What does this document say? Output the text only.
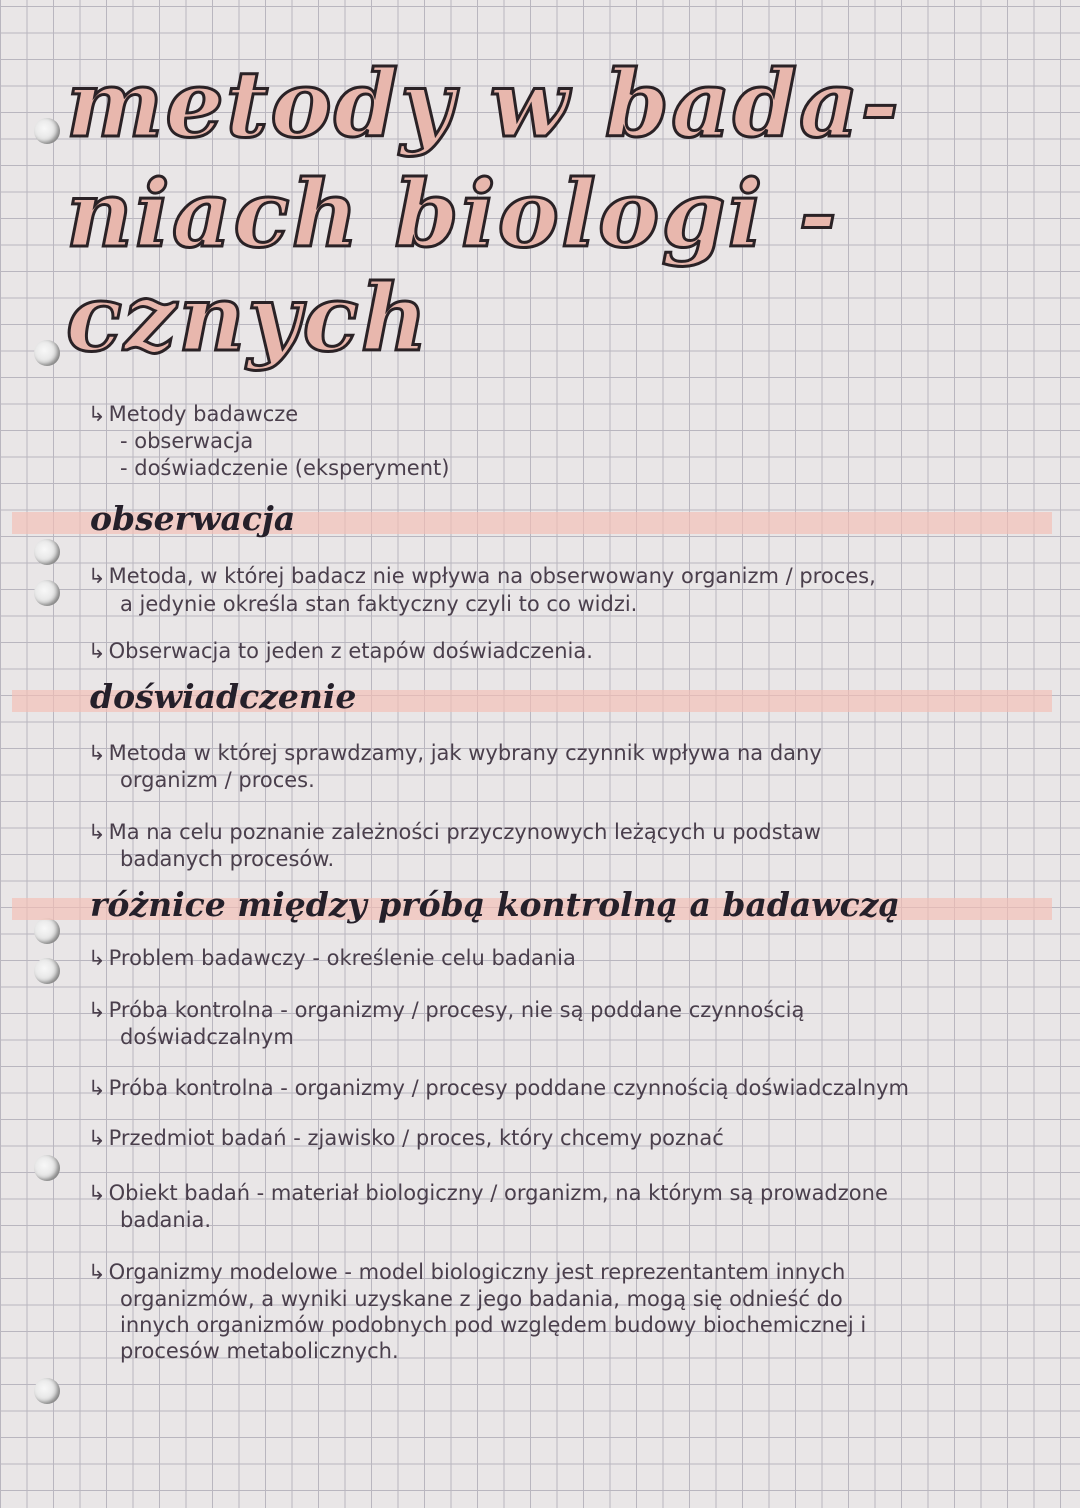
metody w bada-
niach biologi -
cznych
↳ Metody badawcze
- obserwacja
- doświadczenie (eksperyment)
obserwacja
↳ Metoda, w której badacz nie wpływa na obserwowany organizm / proces,
a jedynie określa stan faktyczny czyli to co widzi.
↳ Obserwacja to jeden z etapów doświadczenia.
doświadczenie
↳ Metoda w której sprawdzamy, jak wybrany czynnik wpływa na dany
organizm / proces.
↳ Ma na celu poznanie zależności przyczynowych leżących u podstaw
badanych procesów.
różnice między próbą kontrolną a badawczą
↳ Problem badawczy - określenie celu badania
↳ Próba kontrolna - organizmy / procesy, nie są poddane czynnością
doświadczalnym
↳ Próba kontrolna - organizmy / procesy poddane czynnością doświadczalnym
↳ Przedmiot badań - zjawisko / proces, który chcemy poznać
↳ Obiekt badań - materiał biologiczny / organizm, na którym są prowadzone
badania.
↳ Organizmy modelowe - model biologiczny jest reprezentantem innych
organizmów, a wyniki uzyskane z jego badania, mogą się odnieść do
innych organizmów podobnych pod względem budowy biochemicznej i
procesów metabolicznych.
